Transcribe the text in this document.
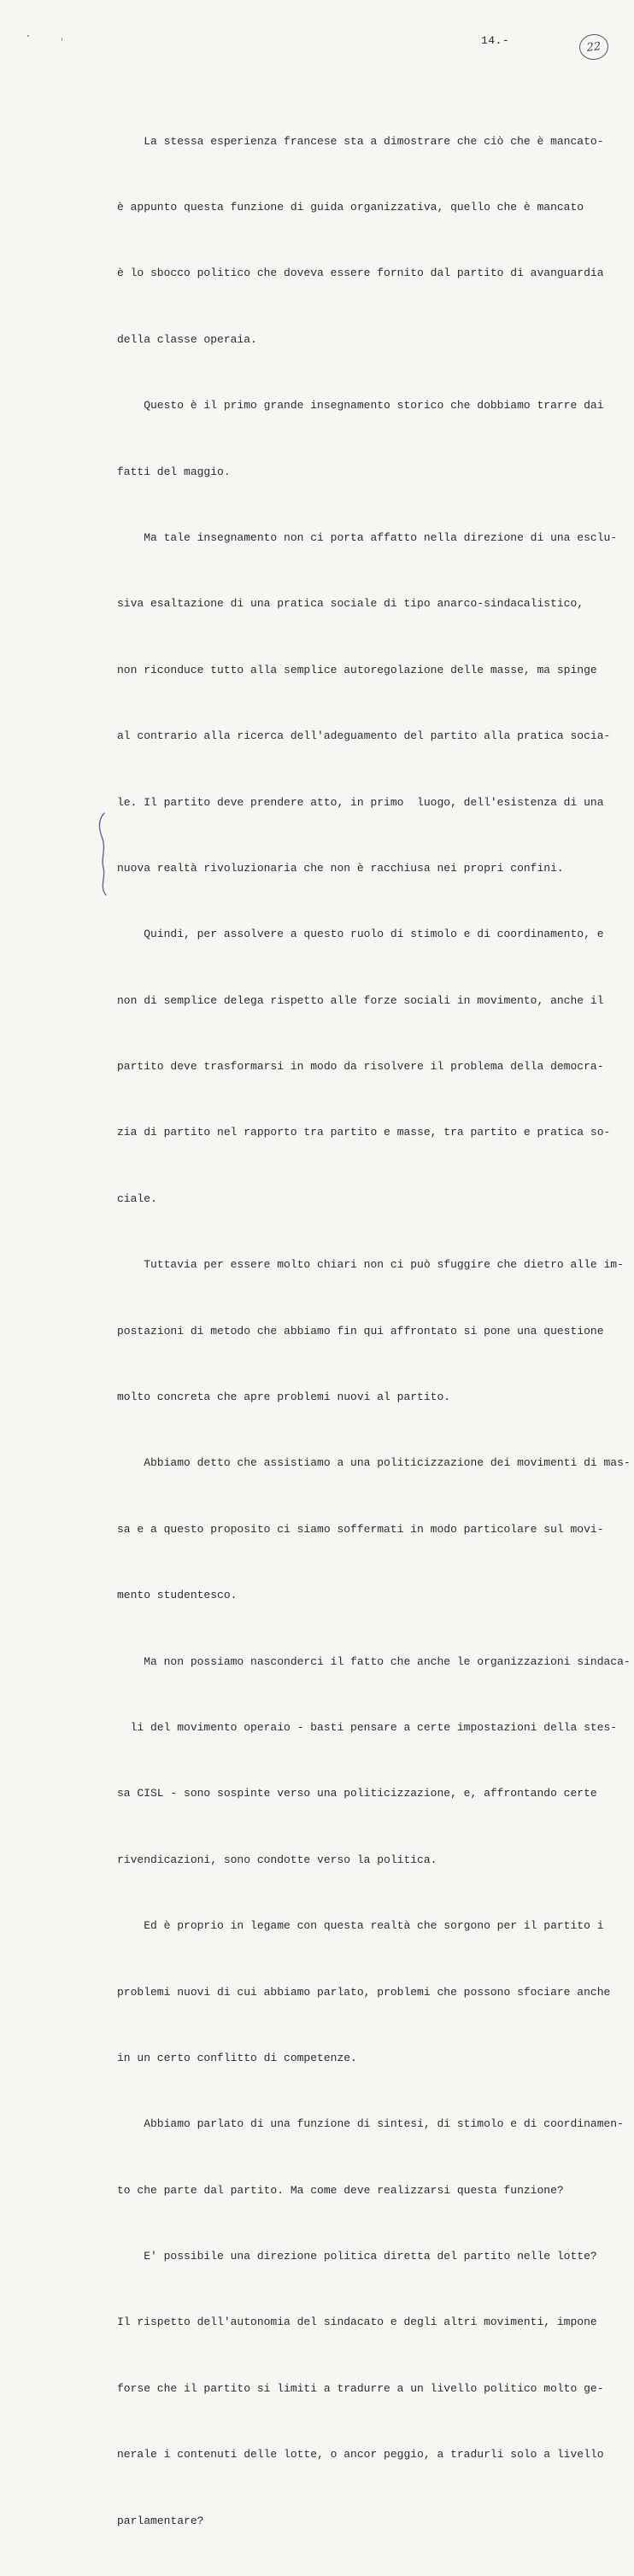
14.-	22

La stessa esperienza francese sta a dimostrare che ciò che è mancato-

è appunto questa funzione di guida organizzativa, quello che è mancato

è lo sbocco politico che doveva essere fornito dal partito di avanguardia

della classe operaia.

Questo è il primo grande insegnamento storico che dobbiamo trarre dai

fatti del maggio.

Ma tale insegnamento non ci porta affatto nella direzione di una esclu-

siva esaltazione di una pratica sociale di tipo anarco-sindacalistico,

non riconduce tutto alla semplice autoregolazione delle masse, ma spinge

al contrario alla ricerca dell'adeguamento del partito alla pratica socia-

le. Il partito deve prendere atto, in primo  luogo, dell'esistenza di una

nuova realtà rivoluzionaria che non è racchiusa nei propri confini.

Quindi, per assolvere a questo ruolo di stimolo e di coordinamento, e

non di semplice delega rispetto alle forze sociali in movimento, anche il

partito deve trasformarsi in modo da risolvere il problema della democra-

zia di partito nel rapporto tra partito e masse, tra partito e pratica so-

ciale.

Tuttavia per essere molto chiari non ci può sfuggire che dietro alle im-

postazioni di metodo che abbiamo fin qui affrontato si pone una questione

molto concreta che apre problemi nuovi al partito.

Abbiamo detto che assistiamo a una politicizzazione dei movimenti di mas-

sa e a questo proposito ci siamo soffermati in modo particolare sul movi-

mento studentesco.

Ma non possiamo nasconderci il fatto che anche le organizzazioni sindaca-

li del movimento operaio - basti pensare a certe impostazioni della stes-

sa CISL - sono sospinte verso una politicizzazione, e, affrontando certe

rivendicazioni, sono condotte verso la politica.

Ed è proprio in legame con questa realtà che sorgono per il partito i

problemi nuovi di cui abbiamo parlato, problemi che possono sfociare anche

in un certo conflitto di competenze.

Abbiamo parlato di una funzione di sintesi, di stimolo e di coordinamen-

to che parte dal partito. Ma come deve realizzarsi questa funzione?

E' possibile una direzione politica diretta del partito nelle lotte?

Il rispetto dell'autonomia del sindacato e degli altri movimenti, impone

forse che il partito si limiti a tradurre a un livello politico molto ge-

nerale i contenuti delle lotte, o ancor peggio, a tradurli solo a livello

parlamentare?
